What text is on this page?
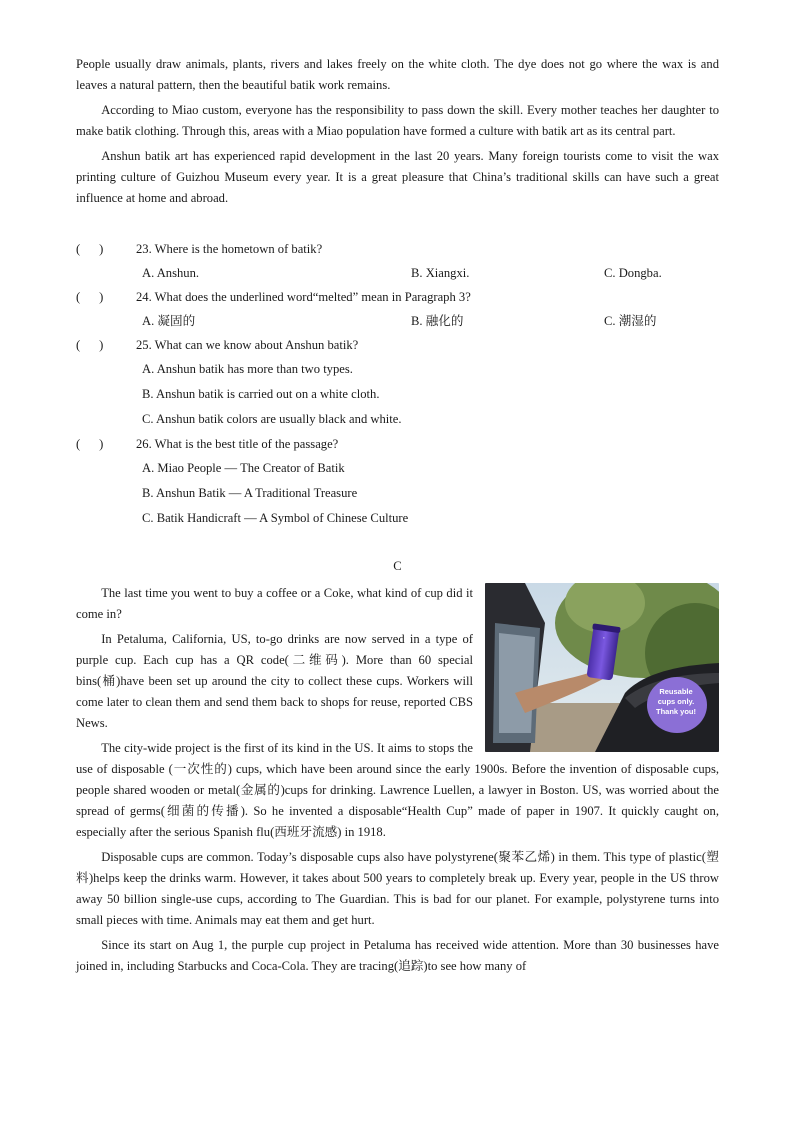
People usually draw animals, plants, rivers and lakes freely on the white cloth. The dye does not go where the wax is and leaves a natural pattern, then the beautiful batik work remains.

According to Miao custom, everyone has the responsibility to pass down the skill. Every mother teaches her daughter to make batik clothing. Through this, areas with a Miao population have formed a culture with batik art as its central part.

Anshun batik art has experienced rapid development in the last 20 years. Many foreign tourists come to visit the wax printing culture of Guizhou Museum every year. It is a great pleasure that China’s traditional skills can have such a great influence at home and abroad.

(      )	23. Where is the hometown of batik?
A. Anshun.	B. Xiangxi.	C. Dongba.
(      )	24. What does the underlined word“melted” mean in Paragraph 3?
A. 凝固的	B. 融化的	C. 潮湿的
(      )	25. What can we know about Anshun batik?
A. Anshun batik has more than two types.
B. Anshun batik is carried out on a white cloth.
C. Anshun batik colors are usually black and white.
(      )	26. What is the best title of the passage?
A. Miao People — The Creator of Batik
B. Anshun Batik — A Traditional Treasure
C. Batik Handicraft — A Symbol of Chinese Culture
C
▪
Reusable
cups only.
Thank you!

The last time you went to buy a coffee or a Coke, what kind of cup did it come in?

In Petaluma, California, US, to-go drinks are now served in a type of purple cup. Each cup has a QR code(二维码). More than 60 special bins(桶)have been set up around the city to collect these cups. Workers will come later to clean them and send them back to shops for reuse, reported CBS News.

The city-wide project is the first of its kind in the US. It aims to stops the use of disposable (一次性的) cups, which have been around since the early 1900s. Before the invention of disposable cups, people shared wooden or metal(金属的)cups for drinking. Lawrence Luellen, a lawyer in Boston. US, was worried about the spread of germs(细菌的传播). So he invented a disposable“Health Cup” made of paper in 1907. It quickly caught on, especially after the serious Spanish flu(西班牙流感) in 1918.

Disposable cups are common. Today’s disposable cups also have polystyrene(聚苯乙烯) in them. This type of plastic(塑料)helps keep the drinks warm. However, it takes about 500 years to completely break up. Every year, people in the US throw away 50 billion single-use cups, according to The Guardian. This is bad for our planet. For example, polystyrene turns into small pieces with time. Animals may eat them and get hurt.

Since its start on Aug 1, the purple cup project in Petaluma has received wide attention. More than 30 businesses have joined in, including Starbucks and Coca-Cola. They are tracing(追踪)to see how many of
